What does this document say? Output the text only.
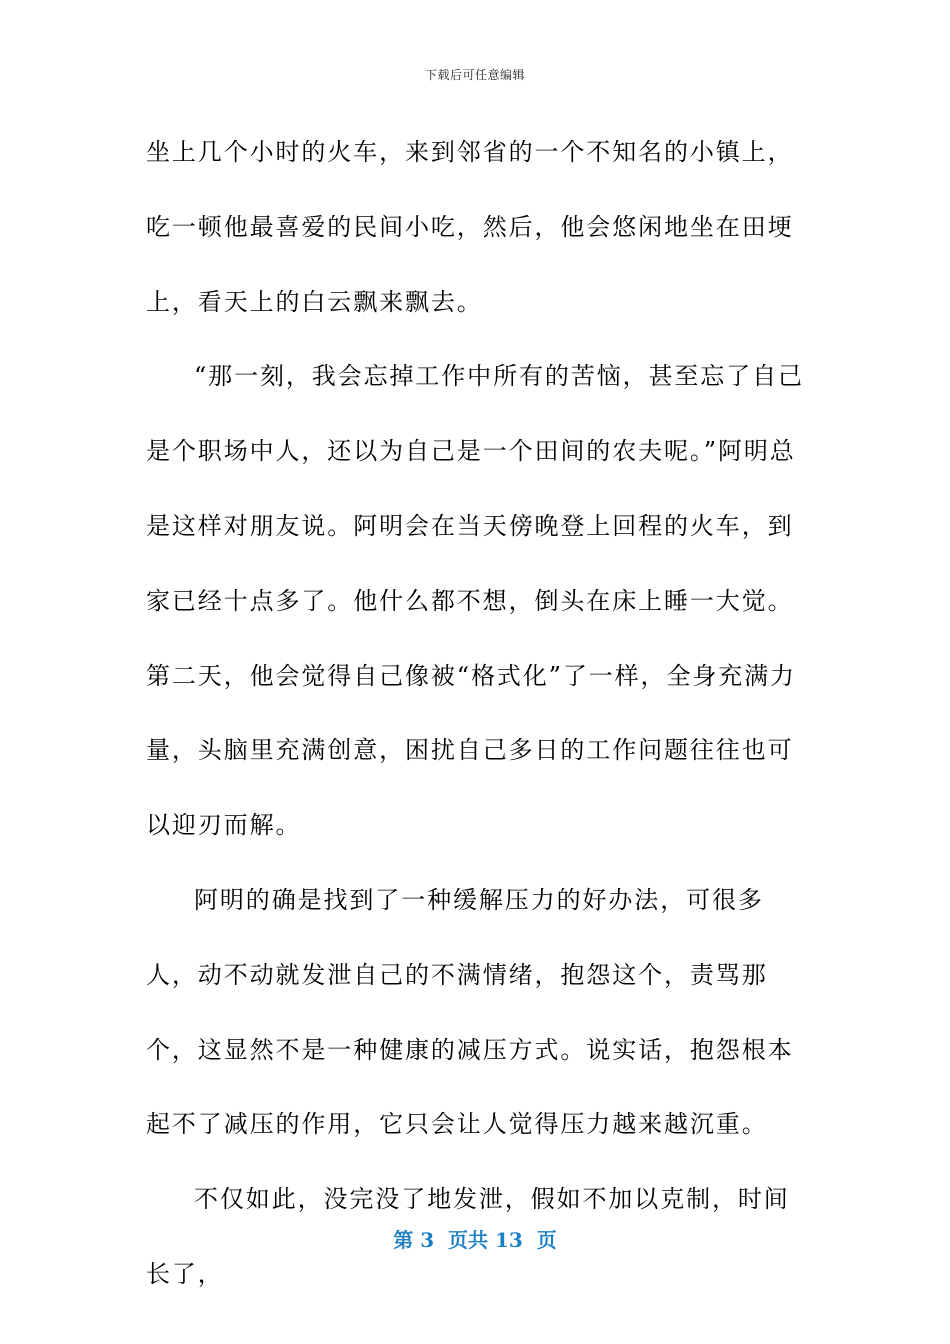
下载后可任意编辑

坐上几个小时的火车，来到邻省的一个不知名的小镇上，吃一顿他最喜爱的民间小吃，然后，他会悠闲地坐在田埂上，看天上的白云飘来飘去。

“那一刻，我会忘掉工作中所有的苦恼，甚至忘了自己是个职场中人，还以为自己是一个田间的农夫呢。”阿明总是这样对朋友说。阿明会在当天傍晚登上回程的火车，到家已经十点多了。他什么都不想，倒头在床上睡一大觉。第二天，他会觉得自己像被“格式化”了一样，全身充满力量，头脑里充满创意，困扰自己多日的工作问题往往也可以迎刃而解。

阿明的确是找到了一种缓解压力的好办法，可很多人，动不动就发泄自己的不满情绪，抱怨这个，责骂那个，这显然不是一种健康的减压方式。说实话，抱怨根本起不了减压的作用，它只会让人觉得压力越来越沉重。

不仅如此，没完没了地发泄，假如不加以克制，时间长了，

第 3  页共 13  页
